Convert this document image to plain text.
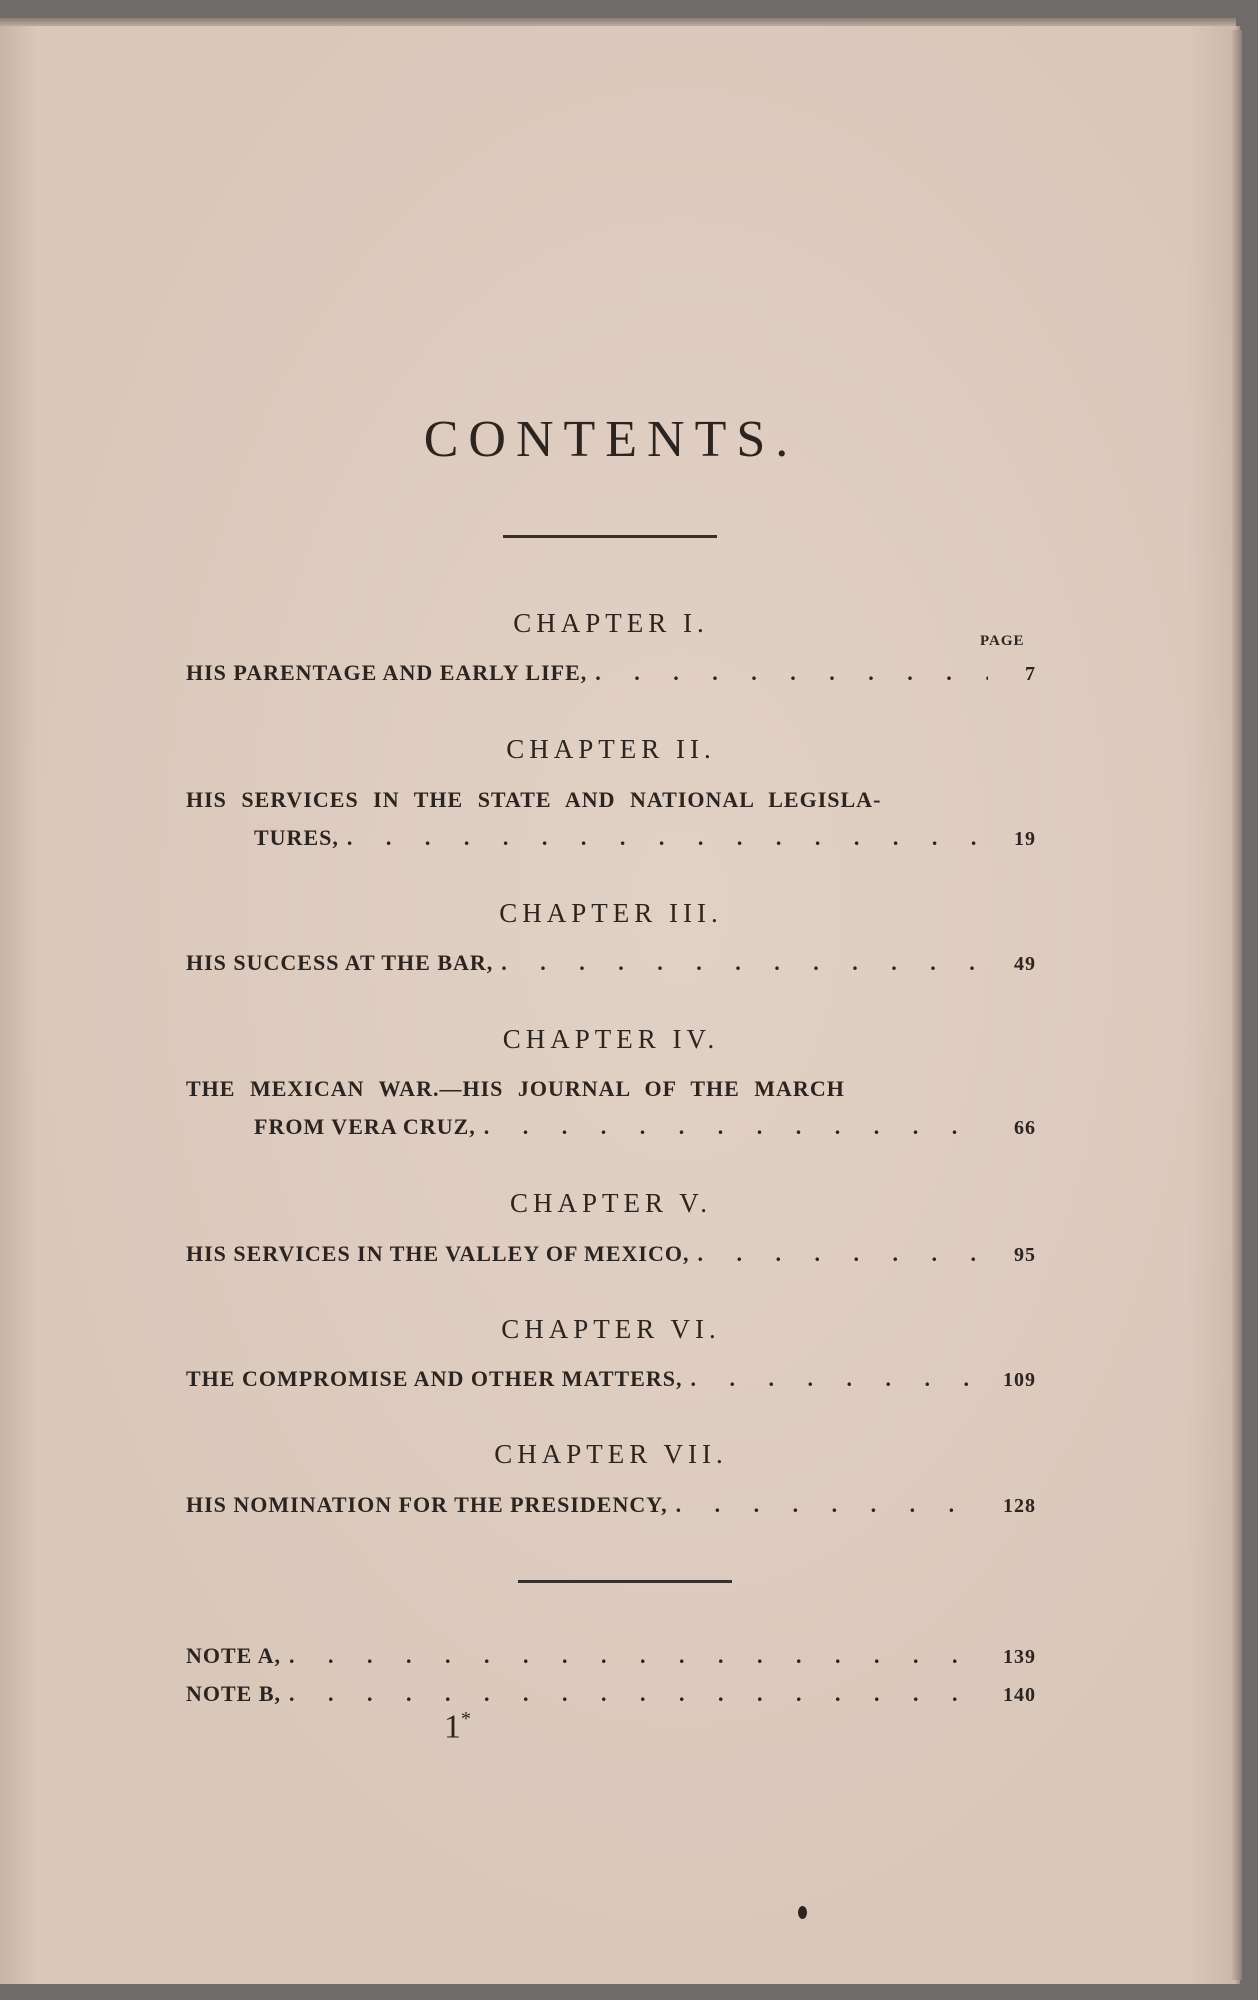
CONTENTS.
PAGE
CHAPTER I.
HIS PARENTAGE AND EARLY LIFE, . . .	7
CHAPTER II.
HIS SERVICES IN THE STATE AND NATIONAL LEGISLA-
TURES, . . .	19
CHAPTER III.
HIS SUCCESS AT THE BAR, . . .	49
CHAPTER IV.
THE MEXICAN WAR.—HIS JOURNAL OF THE MARCH
FROM VERA CRUZ, . . .	66
CHAPTER V.
HIS SERVICES IN THE VALLEY OF MEXICO, . . .	95
CHAPTER VI.
THE COMPROMISE AND OTHER MATTERS, . . .	109
CHAPTER VII.
HIS NOMINATION FOR THE PRESIDENCY, . . .	128
NOTE A, . . .	139
NOTE B, . . .	140
1*
